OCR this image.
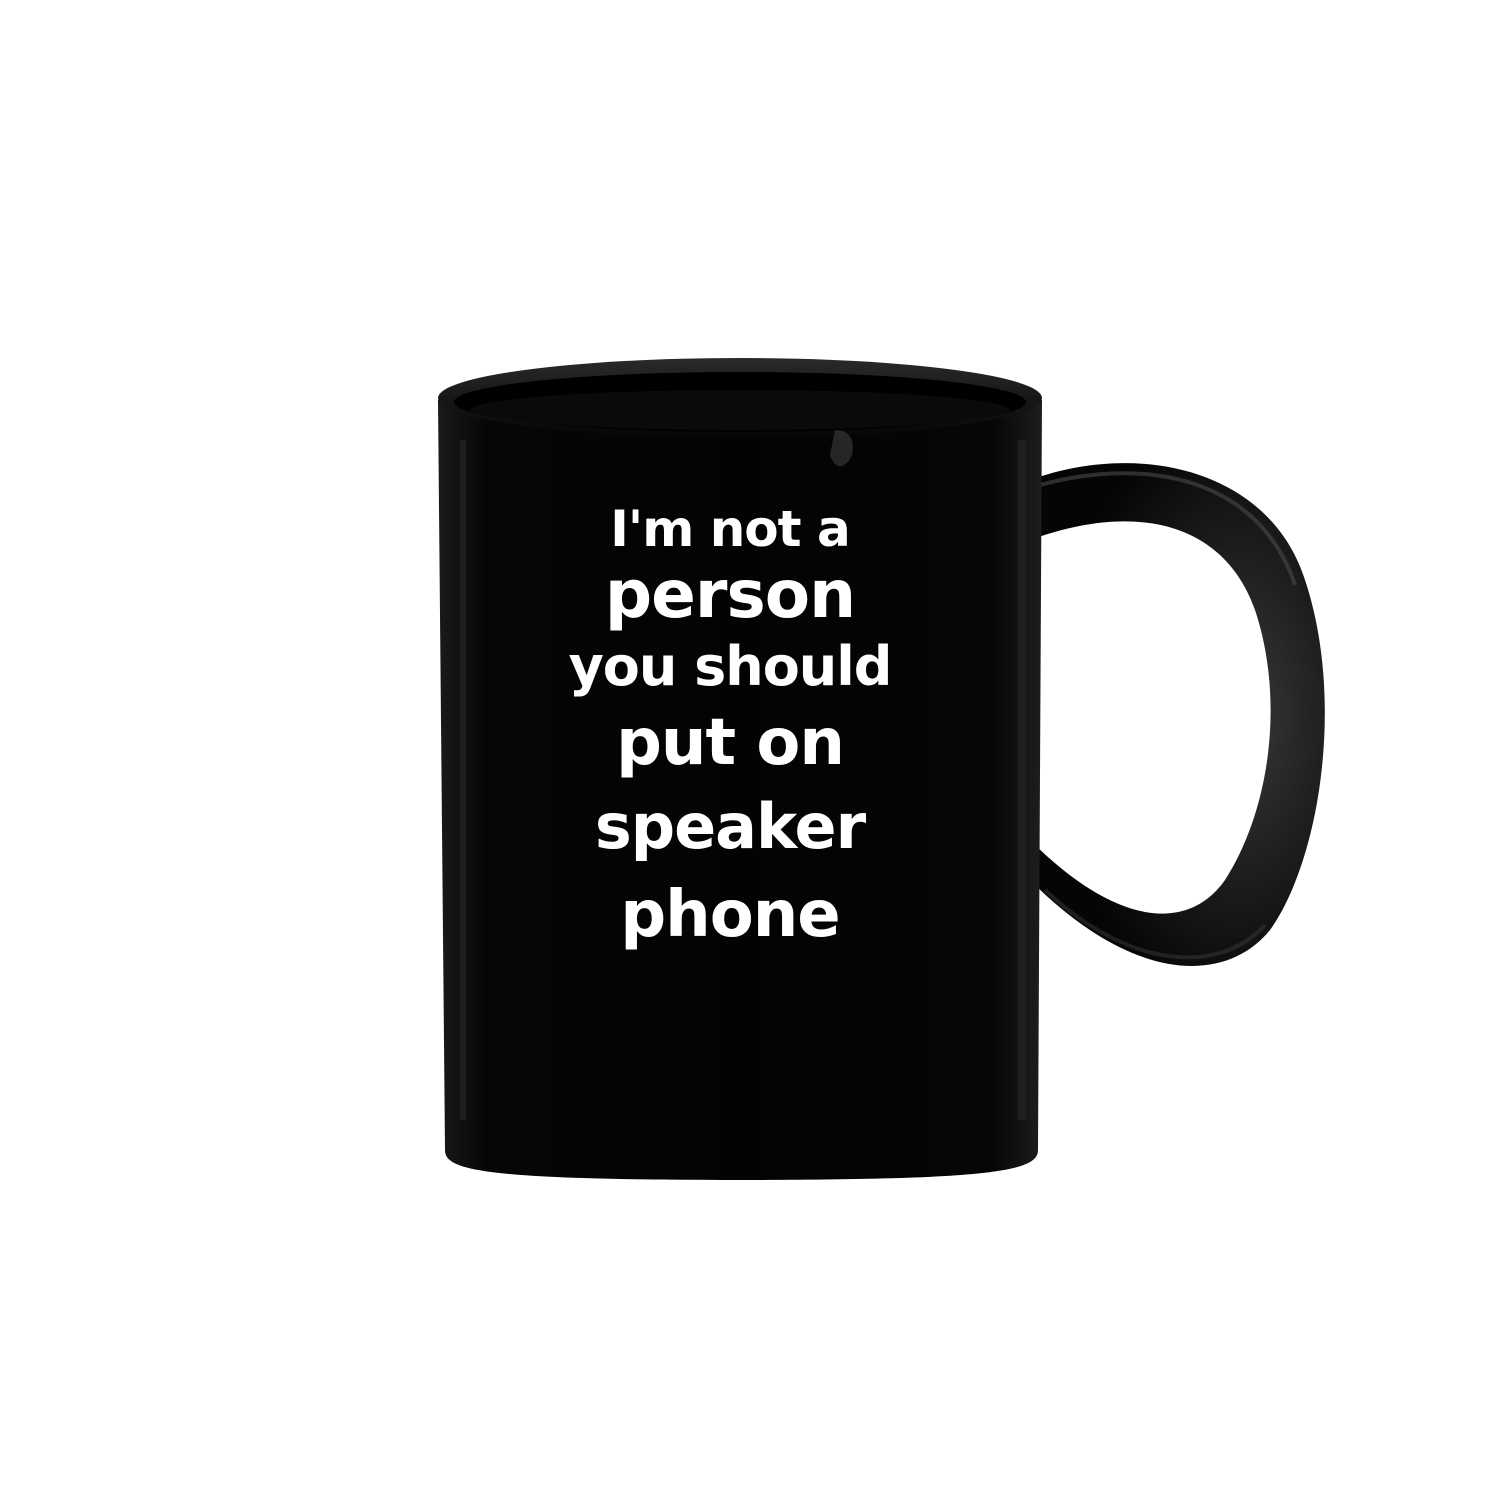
I'm not a
person
you should
put on
speaker
phone
